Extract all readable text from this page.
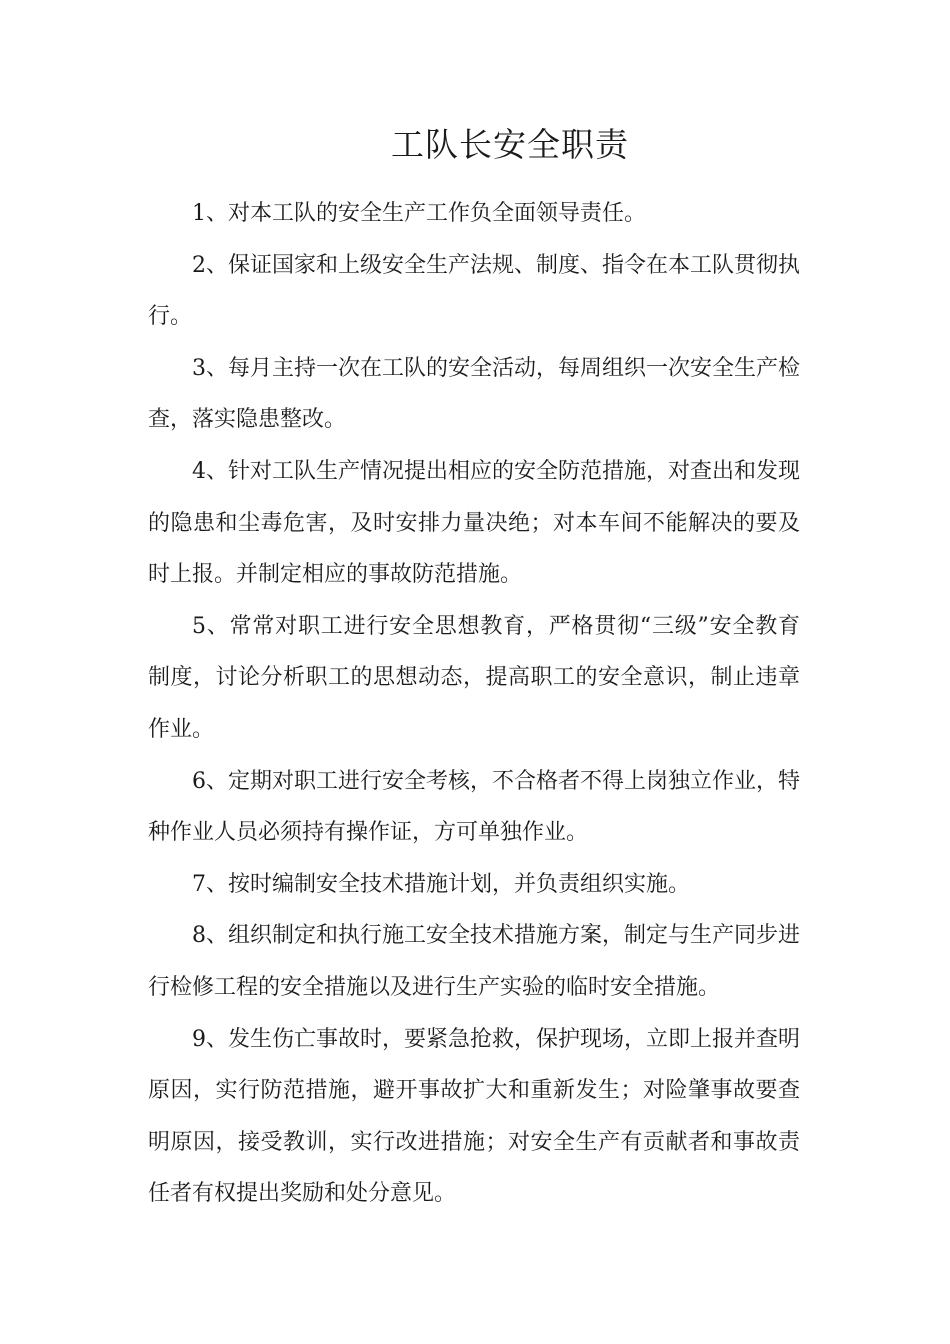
工队长安全职责

1、对本工队的安全生产工作负全面领导责任。

2、保证国家和上级安全生产法规、制度、指令在本工队贯彻执行。

3、每月主持一次在工队的安全活动，每周组织一次安全生产检查，落实隐患整改。

4、针对工队生产情况提出相应的安全防范措施，对查出和发现的隐患和尘毒危害，及时安排力量决绝；对本车间不能解决的要及时上报。并制定相应的事故防范措施。

5、常常对职工进行安全思想教育，严格贯彻“三级”安全教育制度，讨论分析职工的思想动态，提高职工的安全意识，制止违章作业。

6、定期对职工进行安全考核，不合格者不得上岗独立作业，特种作业人员必须持有操作证，方可单独作业。

7、按时编制安全技术措施计划，并负责组织实施。

8、组织制定和执行施工安全技术措施方案，制定与生产同步进行检修工程的安全措施以及进行生产实验的临时安全措施。

9、发生伤亡事故时，要紧急抢救，保护现场，立即上报并查明原因，实行防范措施，避开事故扩大和重新发生；对险肇事故要查明原因，接受教训，实行改进措施；对安全生产有贡献者和事故责任者有权提出奖励和处分意见。
